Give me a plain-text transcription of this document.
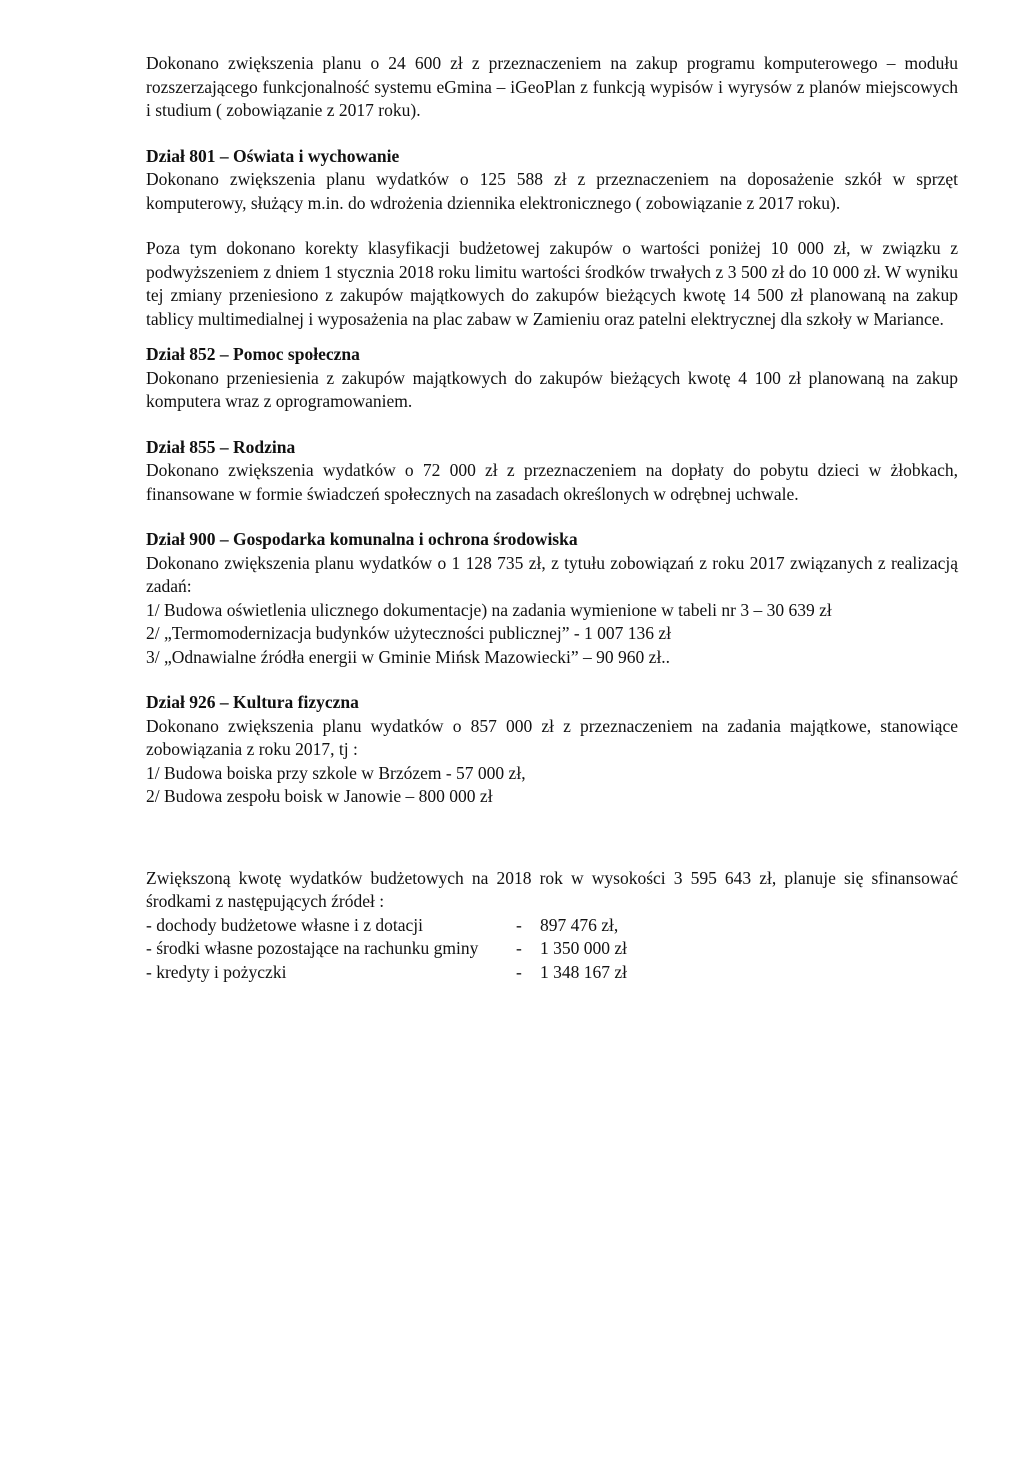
Dokonano zwiększenia planu o 24 600 zł z przeznaczeniem na zakup programu komputerowego – modułu rozszerzającego funkcjonalność systemu eGmina – iGeoPlan z funkcją wypisów i wyrysów z planów miejscowych i studium ( zobowiązanie z 2017 roku).

Dział 801 – Oświata i wychowanie

Dokonano zwiększenia planu wydatków o 125 588 zł z przeznaczeniem na doposażenie szkół w sprzęt komputerowy, służący m.in. do wdrożenia dziennika elektronicznego ( zobowiązanie z 2017 roku).

Poza tym dokonano korekty klasyfikacji budżetowej zakupów o wartości poniżej 10 000 zł, w związku z podwyższeniem z dniem 1 stycznia 2018 roku limitu wartości środków trwałych z 3 500 zł do 10 000 zł. W wyniku tej zmiany przeniesiono z zakupów majątkowych do zakupów bieżących kwotę 14 500 zł planowaną na zakup tablicy multimedialnej i wyposażenia na plac zabaw w Zamieniu oraz patelni elektrycznej dla szkoły w Mariance.

Dział 852 – Pomoc społeczna

Dokonano przeniesienia z zakupów majątkowych do zakupów bieżących kwotę 4 100 zł planowaną na zakup komputera wraz z oprogramowaniem.

Dział 855 – Rodzina

Dokonano zwiększenia wydatków o 72 000 zł z przeznaczeniem na dopłaty do pobytu dzieci w żłobkach, finansowane w formie świadczeń społecznych na zasadach określonych w odrębnej uchwale.

Dział 900 – Gospodarka komunalna i ochrona środowiska

Dokonano zwiększenia planu wydatków o 1 128 735 zł, z tytułu zobowiązań z roku 2017 związanych z realizacją zadań:

1/ Budowa oświetlenia ulicznego dokumentacje) na zadania wymienione w tabeli nr 3 – 30 639 zł

2/ „Termomodernizacja budynków użyteczności publicznej” - 1 007 136 zł

3/ „Odnawialne źródła energii w Gminie Mińsk Mazowiecki” – 90 960 zł..

Dział 926 – Kultura fizyczna

Dokonano zwiększenia planu wydatków o 857 000 zł z przeznaczeniem na zadania majątkowe, stanowiące zobowiązania z roku 2017, tj :

1/ Budowa boiska przy szkole w Brzózem - 57 000 zł,

2/ Budowa zespołu boisk w Janowie – 800 000 zł

Zwiększoną kwotę wydatków budżetowych na 2018 rok w wysokości 3 595 643 zł, planuje się sfinansować środkami z następujących źródeł :

- dochody budżetowe własne i z dotacji	-	897 476 zł,
- środki własne pozostające na rachunku gminy	-	1 350 000 zł
- kredyty i pożyczki	-	1 348 167 zł
